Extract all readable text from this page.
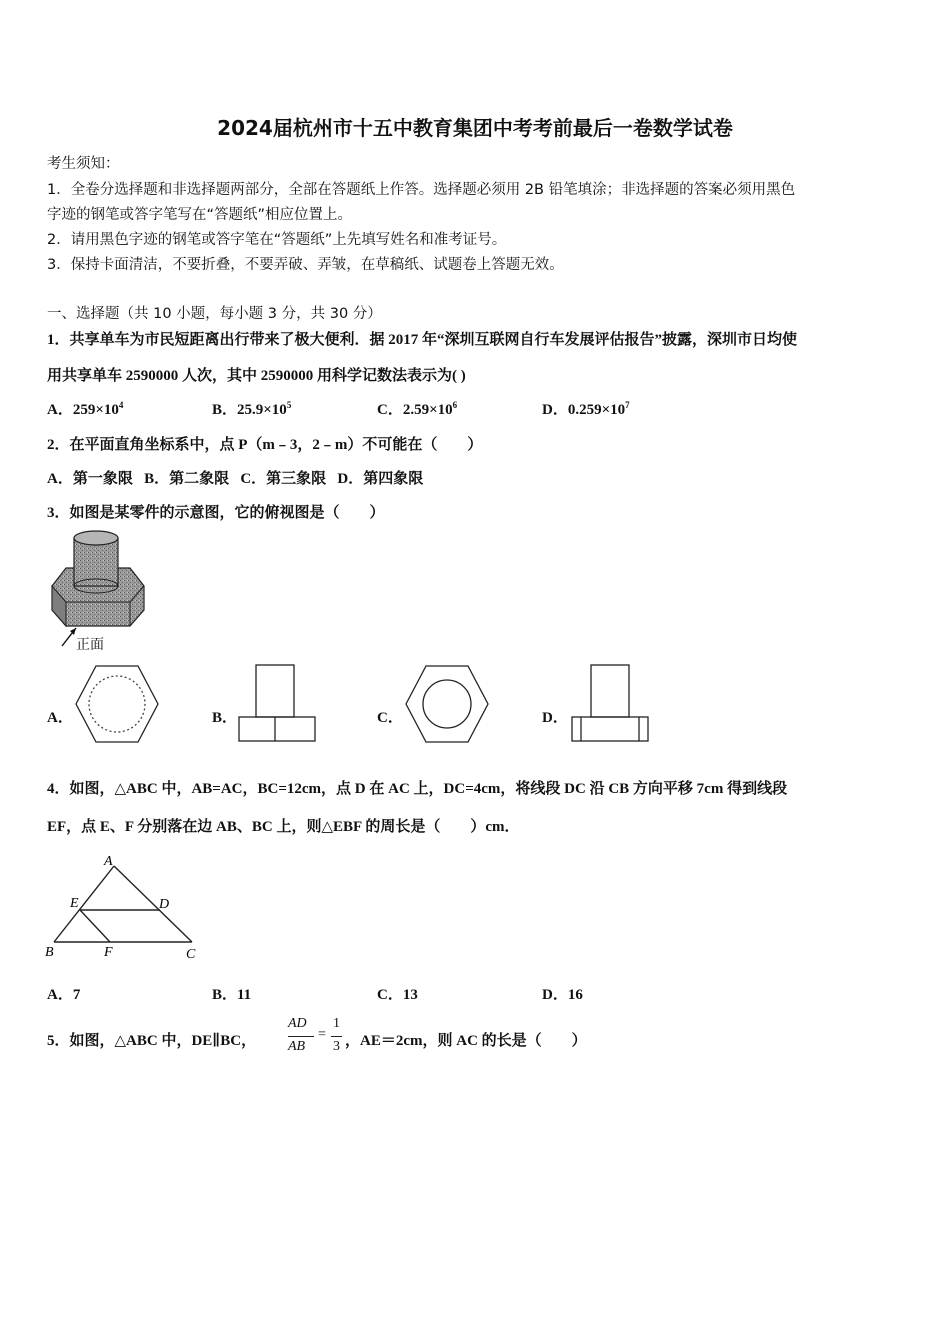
2024届杭州市十五中教育集团中考考前最后一卷数学试卷
考生须知：
1．全卷分选择题和非选择题两部分，全部在答题纸上作答。选择题必须用 2B 铅笔填涂；非选择题的答案必须用黑色
字迹的钢笔或答字笔写在“答题纸”相应位置上。
2．请用黑色字迹的钢笔或答字笔在“答题纸”上先填写姓名和准考证号。
3．保持卡面清洁，不要折叠，不要弄破、弄皱，在草稿纸、试题卷上答题无效。
一、选择题（共 10 小题，每小题 3 分，共 30 分）
1．共享单车为市民短距离出行带来了极大便利．据 2017 年“深圳互联网自行车发展评估报告”披露，深圳市日均使
用共享单车 2590000 人次，其中 2590000 用科学记数法表示为( )
A．$259\times 10^4$	B．$25.9\times 10^5$	C．$2.59\times 10^6$	D．$0.259\times 10^7$
2．在平面直角坐标系中，点 P（m﹣3，2﹣m）不可能在（　　）
A．第一象限   B．第二象限   C．第三象限   D．第四象限
3．如图是某零件的示意图，它的俯视图是（　　）
正面
A．	B．	C．	D．
4．如图，△ABC 中，AB=AC，BC=12cm，点 D 在 AC 上，DC=4cm，将线段 DC 沿 CB 方向平移 7cm 得到线段
EF，点 E、F 分别落在边 AB、BC 上，则△EBF 的周长是（　　）cm．
A
E	D
B	F	C
A．7	B．11	C．13	D．16
5．如图，△ABC 中，DE∥BC，
AD
AB
=
1
3 ，AE＝2cm，则 AC 的长是（　　）
